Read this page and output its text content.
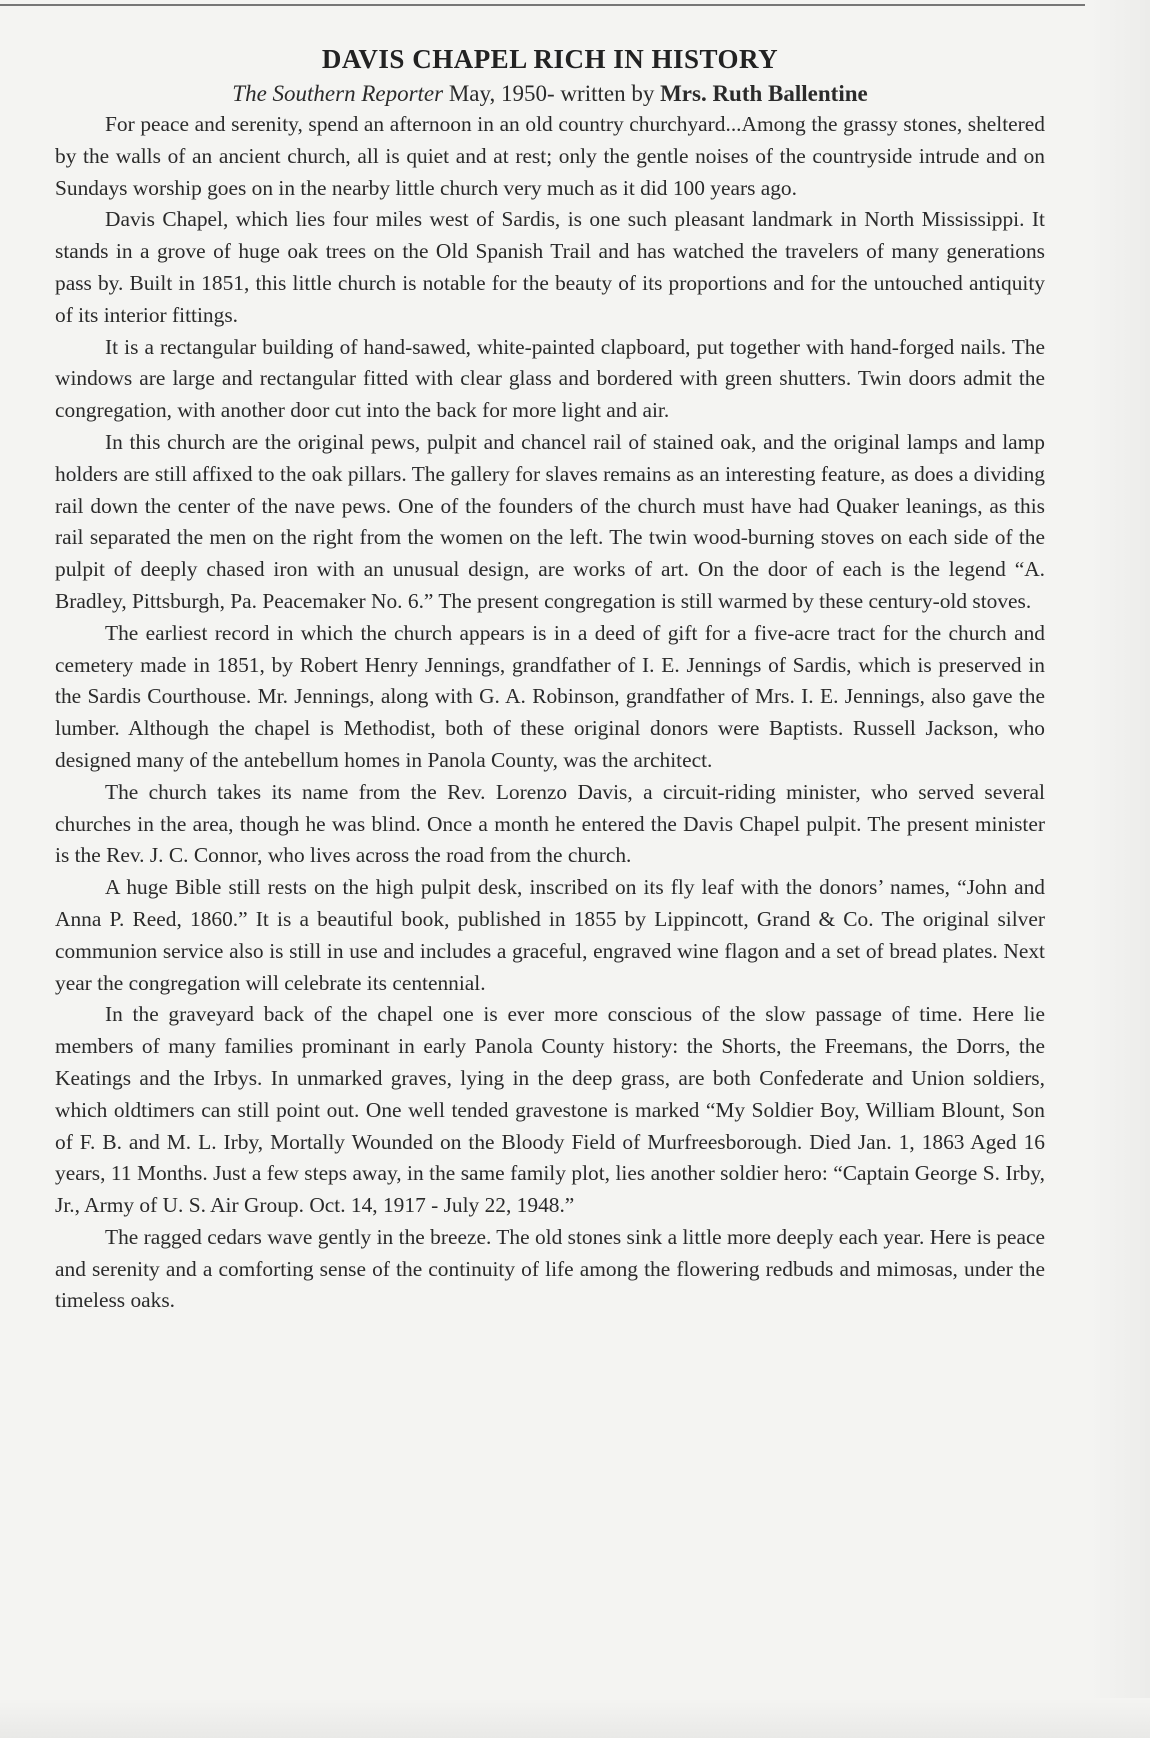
DAVIS CHAPEL RICH IN HISTORY

The Southern Reporter May, 1950- written by Mrs. Ruth Ballentine

For peace and serenity, spend an afternoon in an old country churchyard...Among the grassy stones, sheltered by the walls of an ancient church, all is quiet and at rest; only the gentle noises of the countryside intrude and on Sundays worship goes on in the nearby little church very much as it did 100 years ago.

Davis Chapel, which lies four miles west of Sardis, is one such pleasant landmark in North Mississippi. It stands in a grove of huge oak trees on the Old Spanish Trail and has watched the travelers of many generations pass by. Built in 1851, this little church is notable for the beauty of its proportions and for the untouched antiquity of its interior fittings.

It is a rectangular building of hand-sawed, white-painted clapboard, put together with hand-forged nails. The windows are large and rectangular fitted with clear glass and bordered with green shutters. Twin doors admit the congregation, with another door cut into the back for more light and air.

In this church are the original pews, pulpit and chancel rail of stained oak, and the original lamps and lamp holders are still affixed to the oak pillars. The gallery for slaves remains as an interesting feature, as does a dividing rail down the center of the nave pews. One of the founders of the church must have had Quaker leanings, as this rail separated the men on the right from the women on the left. The twin wood-burning stoves on each side of the pulpit of deeply chased iron with an unusual design, are works of art. On the door of each is the legend “A. Bradley, Pittsburgh, Pa. Peacemaker No. 6.” The present congregation is still warmed by these century-old stoves.

The earliest record in which the church appears is in a deed of gift for a five-acre tract for the church and cemetery made in 1851, by Robert Henry Jennings, grandfather of I. E. Jennings of Sardis, which is preserved in the Sardis Courthouse. Mr. Jennings, along with G. A. Robinson, grandfather of Mrs. I. E. Jennings, also gave the lumber. Although the chapel is Methodist, both of these original donors were Baptists. Russell Jackson, who designed many of the antebellum homes in Panola County, was the architect.

The church takes its name from the Rev. Lorenzo Davis, a circuit-riding minister, who served several churches in the area, though he was blind. Once a month he entered the Davis Chapel pulpit. The present minister is the Rev. J. C. Connor, who lives across the road from the church.

A huge Bible still rests on the high pulpit desk, inscribed on its fly leaf with the donors’ names, “John and Anna P. Reed, 1860.” It is a beautiful book, published in 1855 by Lippincott, Grand & Co. The original silver communion service also is still in use and includes a graceful, engraved wine flagon and a set of bread plates. Next year the congregation will celebrate its centennial.

In the graveyard back of the chapel one is ever more conscious of the slow passage of time. Here lie members of many families prominant in early Panola County history: the Shorts, the Freemans, the Dorrs, the Keatings and the Irbys. In unmarked graves, lying in the deep grass, are both Confederate and Union soldiers, which oldtimers can still point out. One well tended gravestone is marked “My Soldier Boy, William Blount, Son of F. B. and M. L. Irby, Mortally Wounded on the Bloody Field of Murfreesborough. Died Jan. 1, 1863 Aged 16 years, 11 Months. Just a few steps away, in the same family plot, lies another soldier hero: “Captain George S. Irby, Jr., Army of U. S. Air Group. Oct. 14, 1917 - July 22, 1948.”

The ragged cedars wave gently in the breeze. The old stones sink a little more deeply each year. Here is peace and serenity and a comforting sense of the continuity of life among the flowering redbuds and mimosas, under the timeless oaks.
